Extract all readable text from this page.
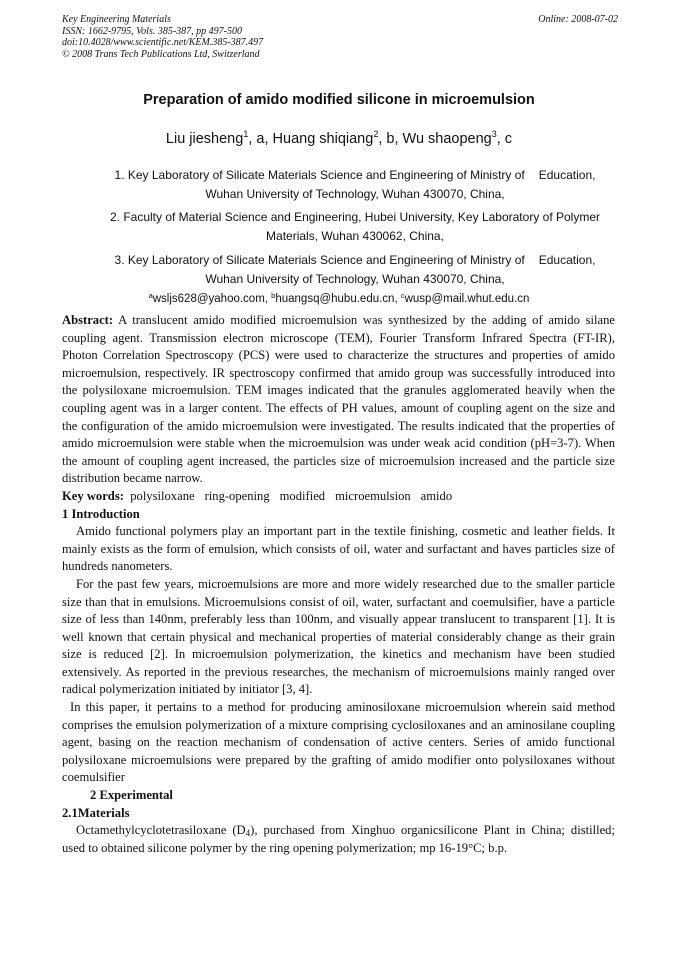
Key Engineering Materials
ISSN: 1662-9795, Vols. 385-387, pp 497-500
doi:10.4028/www.scientific.net/KEM.385-387.497
© 2008 Trans Tech Publications Ltd, Switzerland
Online: 2008-07-02
Preparation of amido modified silicone in microemulsion
Liu jiesheng$^1$, a, Huang shiqiang$^2$, b, Wu shaopeng$^3$, c
1. Key Laboratory of Silicate Materials Science and Engineering of Ministry of Education,
Wuhan University of Technology, Wuhan 430070, China,
2. Faculty of Material Science and Engineering, Hubei University, Key Laboratory of Polymer
Materials, Wuhan 430062, China,
3. Key Laboratory of Silicate Materials Science and Engineering of Ministry of Education,
Wuhan University of Technology, Wuhan 430070, China,
$^a$wsljs628@yahoo.com, $^b$huangsq@hubu.edu.cn, $^c$wusp@mail.whut.edu.cn

Abstract: A translucent amido modified microemulsion was synthesized by the adding of amido silane coupling agent. Transmission electron microscope (TEM), Fourier Transform Infrared Spectra (FT-IR), Photon Correlation Spectroscopy (PCS) were used to characterize the structures and properties of amido microemulsion, respectively. IR spectroscopy confirmed that amido group was successfully introduced into the polysiloxane microemulsion. TEM images indicated that the granules agglomerated heavily when the coupling agent was in a larger content. The effects of PH values, amount of coupling agent on the size and the configuration of the amido microemulsion were investigated. The results indicated that the properties of amido microemulsion were stable when the microemulsion was under weak acid condition (pH=3-7). When the amount of coupling agent increased, the particles size of microemulsion increased and the particle size distribution became narrow.

Key words: polysiloxane ring-opening modified microemulsion amido

1 Introduction

Amido functional polymers play an important part in the textile finishing, cosmetic and leather fields. It mainly exists as the form of emulsion, which consists of oil, water and surfactant and haves particles size of hundreds nanometers.

For the past few years, microemulsions are more and more widely researched due to the smaller particle size than that in emulsions. Microemulsions consist of oil, water, surfactant and coemulsifier, have a particle size of less than 140nm, preferably less than 100nm, and visually appear translucent to transparent [1]. It is well known that certain physical and mechanical properties of material considerably change as their grain size is reduced [2]. In microemulsion polymerization, the kinetics and mechanism have been studied extensively. As reported in the previous researches, the mechanism of microemulsions mainly ranged over radical polymerization initiated by initiator [3, 4].

In this paper, it pertains to a method for producing aminosiloxane microemulsion wherein said method comprises the emulsion polymerization of a mixture comprising cyclosiloxanes and an aminosilane coupling agent, basing on the reaction mechanism of condensation of active centers. Series of amido functional polysiloxane microemulsions were prepared by the grafting of amido modifier onto polysiloxanes without coemulsifier

2 Experimental

2.1Materials

Octamethylcyclotetrasiloxane $(D_4)$, purchased from Xinghuo organicsilicone Plant in China; distilled; used to obtained silicone polymer by the ring opening polymerization; mp 16-19°C; b.p.
